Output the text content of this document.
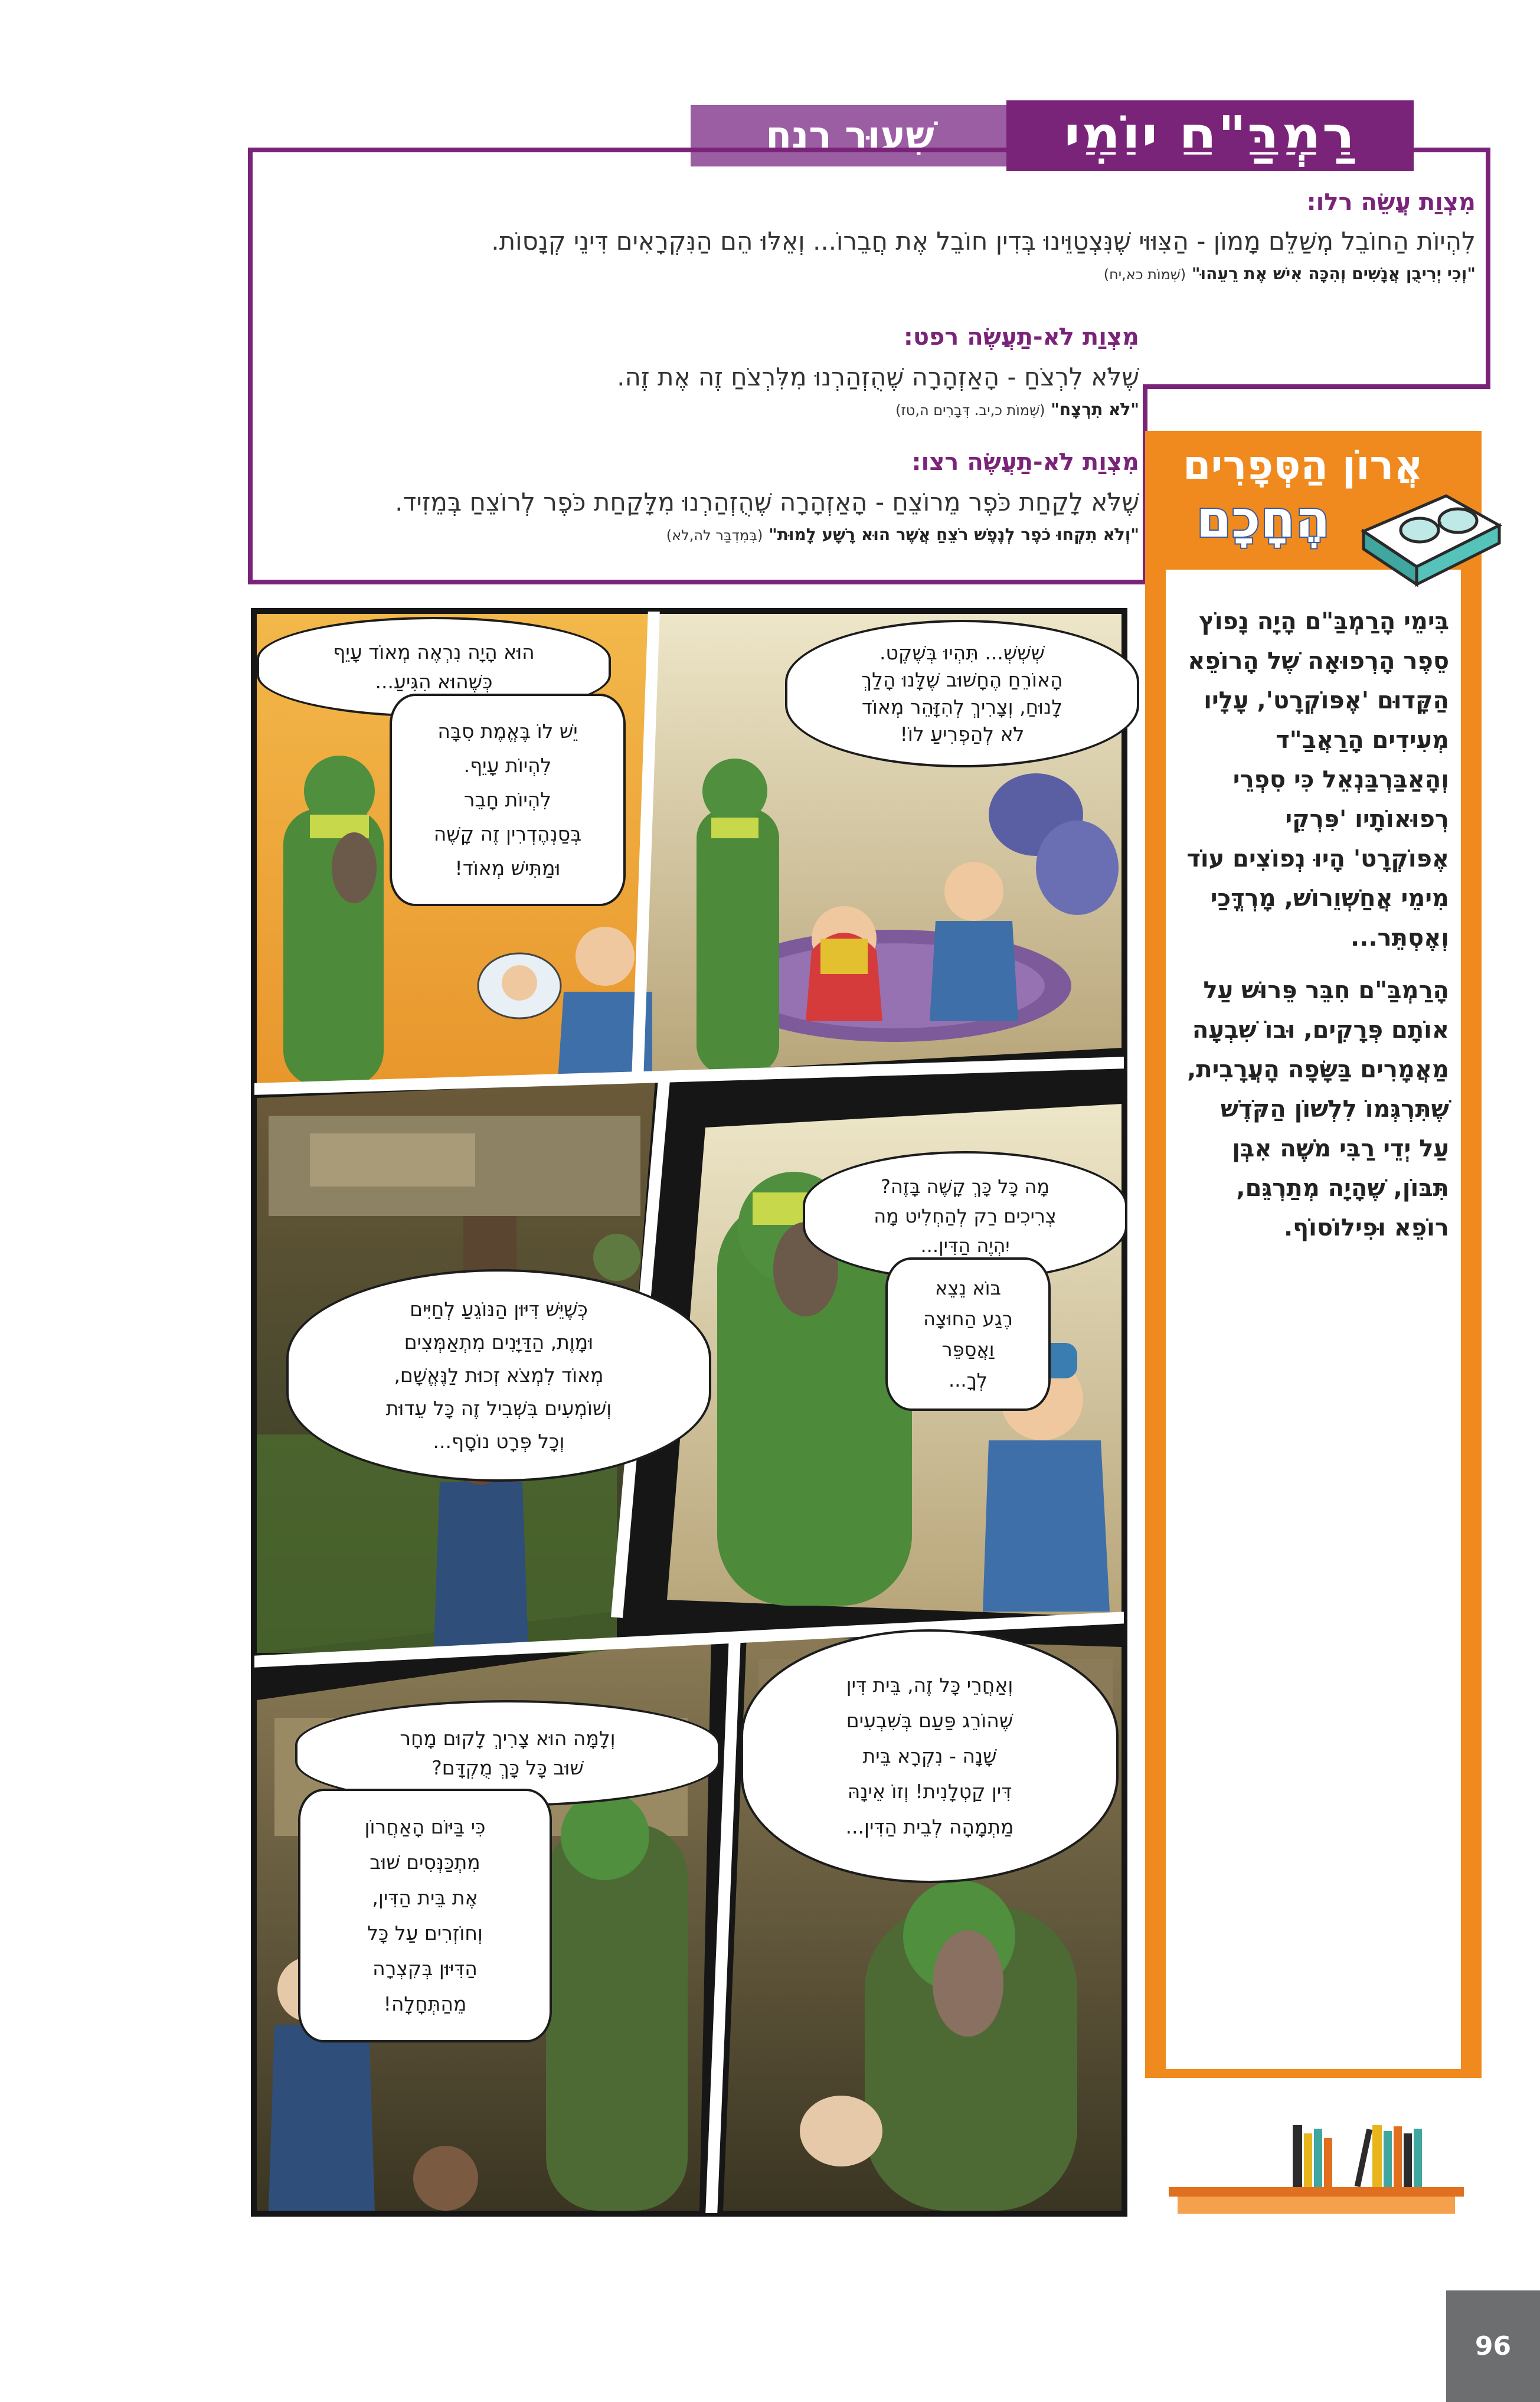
שִׁעוּר רנח	רַמְבַּ"ם יוֹמִי
מִצְוַת עֲשֵׂה רלו:
לִהְיוֹת הַחוֹבֵל מְשַׁלֵּם מָמוֹן - הַצִּוּוּי שֶׁנִּצְטַוֵּינוּ בְּדִין חוֹבֵל אֶת חֲבֵרוֹ... וְאֵלּוּ הֵם הַנִּקְרָאִים דִּינֵי קְנָסוֹת.
"וְכִי יְרִיבֻן אֲנָשִׁים וְהִכָּה אִישׁ אֶת רֵעֵהוּ" (שְׁמוֹת כא,יח)
מִצְוַת לֹא-תַעֲשֶׂה רפט:
שֶׁלֹּא לִרְצֹחַ - הָאַזְהָרָה שֶׁהֻזְהַרְנוּ מִלִּרְצֹחַ זֶה אֶת זֶה.
"לֹא תִרְצָח" (שְׁמוֹת כ,יב. דְּבָרִים ה,טז)
מִצְוַת לֹא-תַעֲשֶׂה רצו:
שֶׁלֹּא לָקַחַת כֹּפֶר מֵרוֹצֵחַ - הָאַזְהָרָה שֶׁהֻזְהַרְנוּ מִלָּקַחַת כֹּפֶר לְרוֹצֵחַ בְּמֵזִיד.
"וְלֹא תִקְחוּ כֹפֶר לְנֶפֶשׁ רֹצֵחַ אֲשֶׁר הוּא רָשָׁע לָמוּת" (בְּמִדְבַּר לה,לא)
אֲרוֹן הַסְּפָרִים
הֶחָכָם

בִּימֵי הָרַמְבַּ"ם הָיָה נָפוֹץ סֵפֶר הָרְפוּאָה שֶׁל הָרוֹפֵא הַקָּדוּם 'אֶפּוֹקְרָט', עָלָיו מְעִידִים הָרַאֲבַ"ד וְהָאַבַּרְבַּנְאֵל כִּי סִפְרֵי רְפוּאוֹתָיו 'פִּרְקֵי אֶפּוֹקְרָט' הָיוּ נְפוֹצִים עוֹד מִימֵי אֲחַשְׁוֵרוֹשׁ, מָרְדֳּכַי וְאֶסְתֵּר...

הָרַמְבַּ"ם חִבֵּר פֵּרוּשׁ עַל אוֹתָם פְּרָקִים, וּבוֹ שִׁבְעָה מַאֲמָרִים בַּשָּׂפָה הָעֲרָבִית, שֶׁתִּרְגְּמוֹ לִלְשׁוֹן הַקֹּדֶשׁ עַל יְדֵי רַבִּי מֹשֶׁה אִבְּן תִּבּוֹן, שֶׁהָיָה מְתַרְגֵּם, רוֹפֵא וּפִילוֹסוֹף.

שְׁשְׁשְׁ... תִּהְיוּ בְּשֶׁקֶט.
הָאוֹרֵחַ הֶחָשׁוּב שֶׁלָּנוּ הָלַךְ
לָנוּחַ, וְצָרִיךְ לְהִזָּהֵר מְאוֹד
לֹא לְהַפְרִיעַ לוֹ!
הוּא הָיָה נִרְאֶה מְאוֹד עָיֵף
כְּשֶׁהוּא הִגִּיעַ...
יֵשׁ לוֹ בֶּאֱמֶת סִבָּה
לִהְיוֹת עָיֵף.
לִהְיוֹת חָבֵר
בְּסַנְהֶדְרִין זֶה קָשֶׁה
וּמַתִּישׁ מְאוֹד!
מָה כָּל כָּךְ קָשֶׁה בָּזֶה?
צְרִיכִים רַק לְהַחְלִיט מָה
יִהְיֶה הַדִּין...
בּוֹא נֵצֵא
רֶגַע הַחוּצָה
וַאֲסַפֵּר
לְךָ...
כְּשֶׁיֵּשׁ דִּיּוּן הַנּוֹגֵעַ לְחַיִּים
וּמָוֶת, הַדַּיָּנִים מִתְאַמְּצִים
מְאוֹד לִמְצֹא זְכוּת לַנֶּאֱשָׁם,
וְשׁוֹמְעִים בִּשְׁבִיל זֶה כָּל עֵדוּת
וְכָל פְּרָט נוֹסָף...
וְאַחֲרֵי כָּל זֶה, בֵּית דִּין
שֶׁהוֹרֵג פַּעַם בְּשִׁבְעִים
שָׁנָה - נִקְרָא בֵּית
דִּין קַטְלָנִית! וְזוֹ אֵינָהּ
מַתְמָהָה לְבֵית הַדִּין...
וְלָמָּה הוּא צָרִיךְ לָקוּם מָחָר
שׁוּב כָּל כָּךְ מֻקְדָּם?
כִּי בַּיּוֹם הָאַחֲרוֹן
מִתְכַּנְּסִים שׁוּב
אֶת בֵּית הַדִּין,
וְחוֹזְרִים עַל כָּל
הַדִּיּוּן בְּקִצְרָה
מֵהַתְּחָלָה!
96
